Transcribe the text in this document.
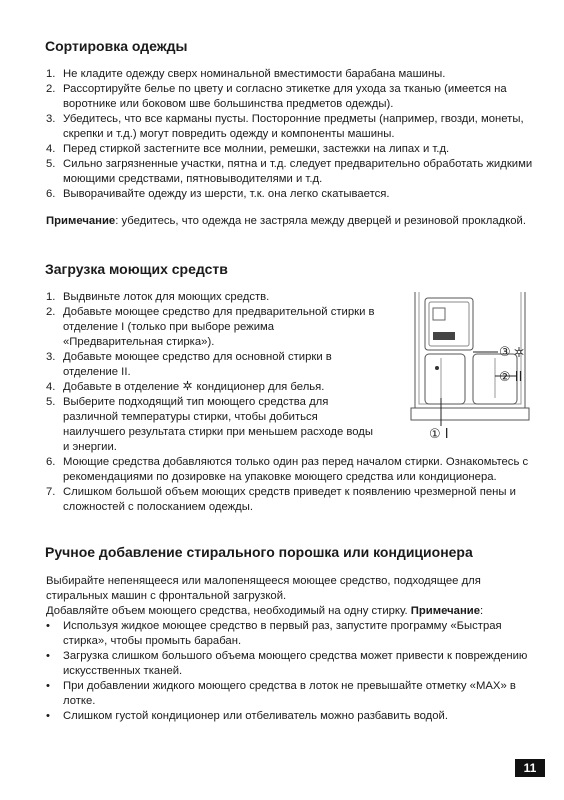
Сортировка одежды
1. Не кладите одежду сверх номинальной вместимости барабана машины.
2. Рассортируйте белье по цвету и согласно этикетке для ухода за тканью (имеется на воротнике или боковом шве большинства предметов одежды).
3. Убедитесь, что все карманы пусты. Посторонние предметы (например, гвозди, монеты, скрепки и т.д.) могут повредить одежду и компоненты машины.
4. Перед стиркой застегните все молнии, ремешки, застежки на липах и т.д.
5. Сильно загрязненные участки, пятна и т.д. следует предварительно обработать жидкими моющими средствами, пятновыводителями и т.д.
6. Выворачивайте одежду из шерсти, т.к. она легко скатывается.

Примечание: убедитесь, что одежда не застряла между дверцей и резиновой прокладкой.

Загрузка моющих средств
1. Выдвиньте лоток для моющих средств.
2. Добавьте моющее средство для предварительной стирки в отделение I (только при выборе режима «Предварительная стирка»).
3. Добавьте моющее средство для основной стирки в отделение II.
4. Добавьте в отделение  кондиционер для белья.
5. Выберите подходящий тип моющего средства для различной температуры стирки, чтобы добиться наилучшего результата стирки при меньшем расходе воды и энергии.
6. Моющие средства добавляются только один раз перед началом стирки. Ознакомьтесь с рекомендациями по дозировке на упаковке моющего средства или кондиционера.
7. Слишком большой объем моющих средств приведет к появлению чрезмерной пены и сложностей с полосканием одежды.
③
② II
① I
Ручное добавление стирального порошка или кондиционера

Выбирайте непенящееся или малопенящееся моющее средство, подходящее для стиральных машин с фронтальной загрузкой.

Добавляйте объем моющего средства, необходимый на одну стирку. Примечание:

• Используя жидкое моющее средство в первый раз, запустите программу «Быстрая стирка», чтобы промыть барабан.
• Загрузка слишком большого объема моющего средства может привести к повреждению искусственных тканей.
• При добавлении жидкого моющего средства в лоток не превышайте отметку «MAX» в лотке.
• Слишком густой кондиционер или отбеливатель можно разбавить водой.
11
